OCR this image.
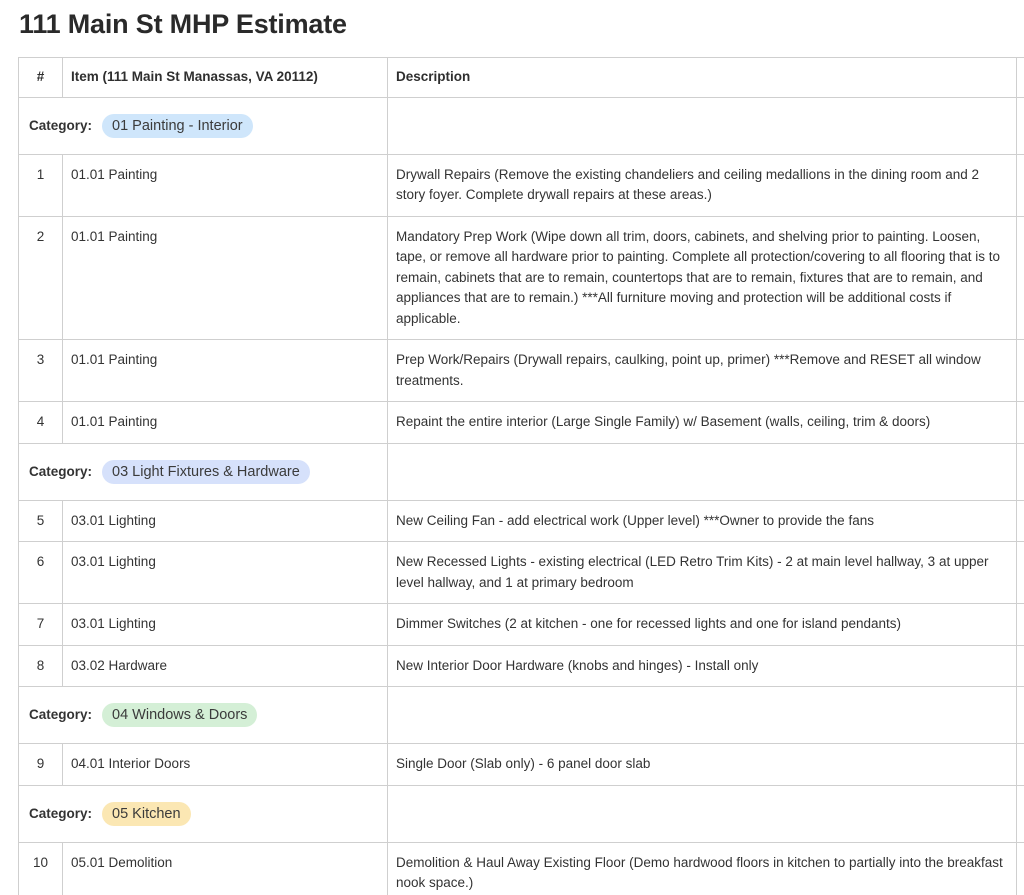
111 Main St MHP Estimate
#	Item (111 Main St Manassas, VA 20112)	Description	
Category: 01 Painting - Interior			
1	01.01 Painting	Drywall Repairs (Remove the existing chandeliers and ceiling medallions in the dining room and 2 story foyer. Complete drywall repairs at these areas.)	
2	01.01 Painting	Mandatory Prep Work (Wipe down all trim, doors, cabinets, and shelving prior to painting. Loosen, tape, or remove all hardware prior to painting. Complete all protection/covering to all flooring that is to remain, cabinets that are to remain, countertops that are to remain, fixtures that are to remain, and appliances that are to remain.) ***All furniture moving and protection will be additional costs if applicable.	
3	01.01 Painting	Prep Work/Repairs (Drywall repairs, caulking, point up, primer) ***Remove and RESET all window treatments.	
4	01.01 Painting	Repaint the entire interior (Large Single Family) w/ Basement (walls, ceiling, trim & doors)	
Category: 03 Light Fixtures & Hardware			
5	03.01 Lighting	New Ceiling Fan - add electrical work (Upper level) ***Owner to provide the fans	
6	03.01 Lighting	New Recessed Lights - existing electrical (LED Retro Trim Kits) - 2 at main level hallway, 3 at upper level hallway, and 1 at primary bedroom	
7	03.01 Lighting	Dimmer Switches (2 at kitchen - one for recessed lights and one for island pendants)	
8	03.02 Hardware	New Interior Door Hardware (knobs and hinges) - Install only	
Category: 04 Windows & Doors			
9	04.01 Interior Doors	Single Door (Slab only) - 6 panel door slab	
Category: 05 Kitchen			
10	05.01 Demolition	Demolition & Haul Away Existing Floor (Demo hardwood floors in kitchen to partially into the breakfast nook space.)	
